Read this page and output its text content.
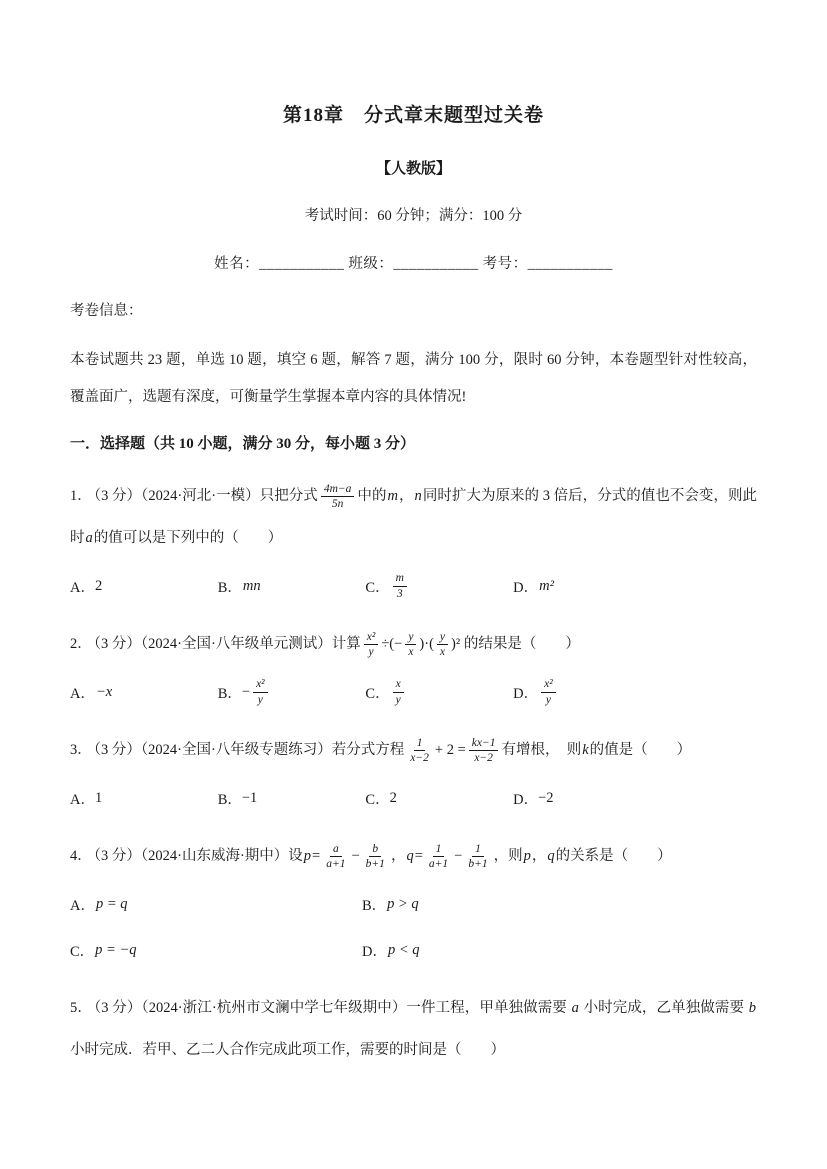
第18章　分式章末题型过关卷
【人教版】
考试时间：60 分钟；满分：100 分
姓名：___________ 班级：___________ 考号：___________
考卷信息：
本卷试题共 23 题，单选 10 题，填空 6 题，解答 7 题，满分 100 分，限时 60 分钟，本卷题型针对性较高，覆盖面广，选题有深度，可衡量学生掌握本章内容的具体情况!
一．选择题（共 10 小题，满分 30 分，每小题 3 分）
1． （3 分）（2024·河北·一模）只把分式 $\frac{4m-a}{5n}$ 中的m，n同时扩大为原来的 3 倍后，分式的值也不会变，则此时a的值可以是下列中的（　　）
A． 2	B． mn	C． $\frac{m}{3}$	D． m²
2． （3 分）（2024·全国·八年级单元测试）计算 $\frac{\text{x²}}{y}$ ÷(− $\frac{y}{x}$ )·( $\frac{y}{x} )^2$ 的结果是（　　）
A． −x	B． − $\frac{\text{x²}}{y}$	C． $\frac{x}{y}$	D． $\frac{\text{x²}}{y}$
3． （3 分）（2024·全国·八年级专题练习）若分式方程 $\frac{1}{x-2} + 2 = \frac{kx-1}{x-2}$ 有增根，　则k的值是（　　）
A． 1	B． −1	C． 2	D． −2
4． （3 分）（2024·山东威海·期中）设$p= \frac{a}{a+1} - \frac{b}{b+1}$ ，$q= \frac{1}{a+1} - \frac{1}{b+1}$ ，则p，q的关系是（　　）
A． p = q	B． p > q
C． p = −q	D． p < q
5． （3 分）（2024·浙江·杭州市文澜中学七年级期中）一件工程，甲单独做需要 a 小时完成，乙单独做需要 b 小时完成．若甲、乙二人合作完成此项工作，需要的时间是（　　）
